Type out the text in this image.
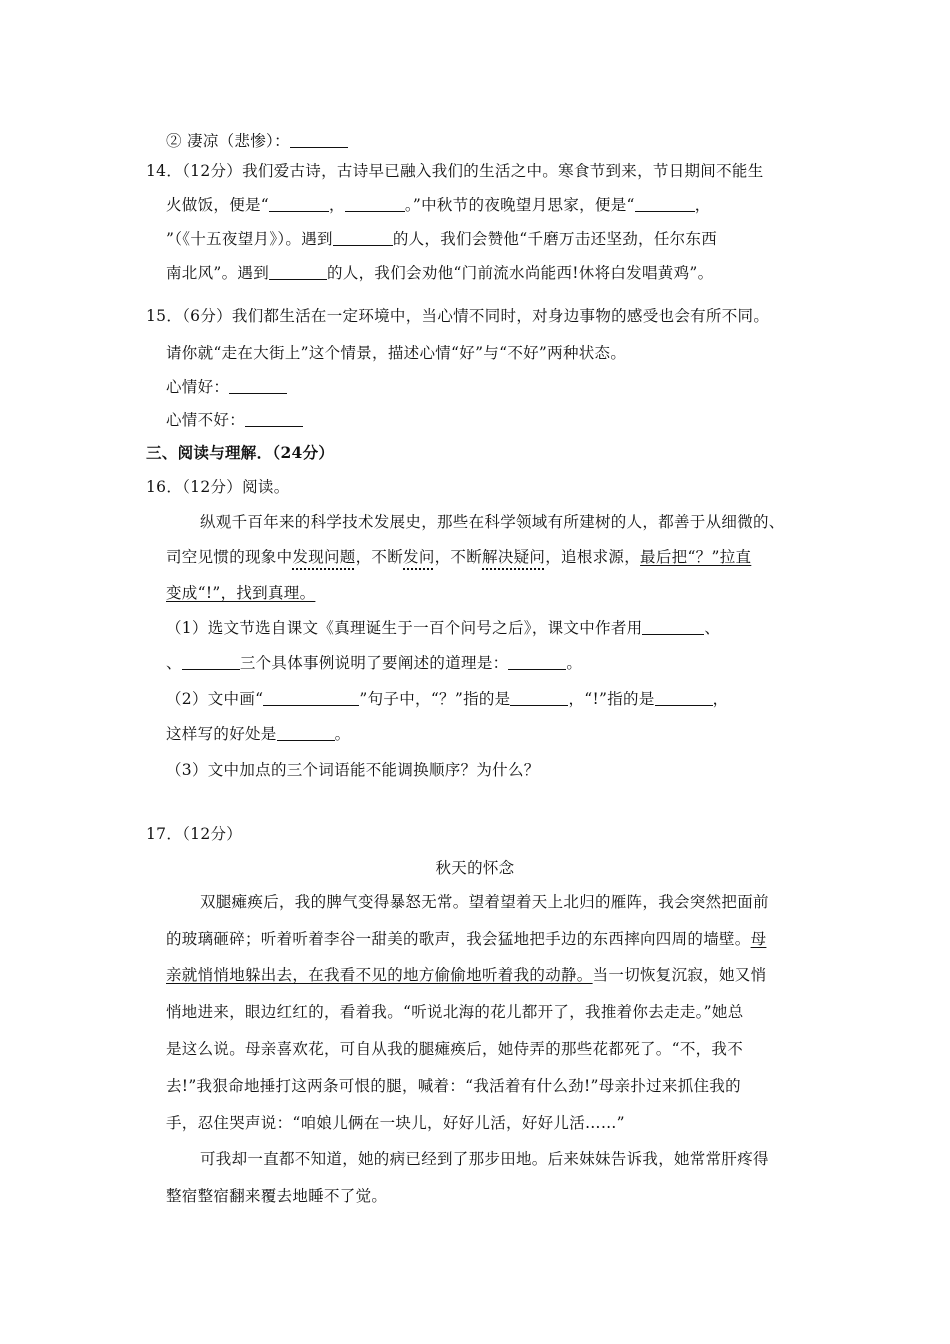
② 凄凉（悲惨）：
14．（12分）我们爱古诗，古诗早已融入我们的生活之中。寒食节到来，节日期间不能生
火做饭，便是“	，	。”中秋节的夜晚望月思家，便是“	，
”（《十五夜望月》）。遇到	的人，我们会赞他“千磨万击还坚劲，任尔东西
南北风”。遇到	的人，我们会劝他“门前流水尚能西!休将白发唱黄鸡”。
15．（6分）我们都生活在一定环境中，当心情不同时，对身边事物的感受也会有所不同。
请你就“走在大街上”这个情景，描述心情“好”与“不好”两种状态。
心情好：
心情不好：
三、阅读与理解．（24分）
16．（12分）阅读。
纵观千百年来的科学技术发展史，那些在科学领域有所建树的人，都善于从细微的、
司空见惯的现象中发现问题，不断发问，不断解决疑问，追根求源，最后把“？”拉直
变成“!”，找到真理。
（1）选文节选自课文《真理诞生于一百个问号之后》，课文中作者用	、
、	三个具体事例说明了要阐述的道理是：	。
（2）文中画“	”句子中，“？”指的是	，“!”指的是	，
这样写的好处是	。
（3）文中加点的三个词语能不能调换顺序？为什么？
17．（12分）
秋天的怀念
双腿瘫痪后，我的脾气变得暴怒无常。望着望着天上北归的雁阵，我会突然把面前
的玻璃砸碎；听着听着李谷一甜美的歌声，我会猛地把手边的东西摔向四周的墙壁。母
亲就悄悄地躲出去，在我看不见的地方偷偷地听着我的动静。当一切恢复沉寂，她又悄
悄地进来，眼边红红的，看着我。“听说北海的花儿都开了，我推着你去走走。”她总
是这么说。母亲喜欢花，可自从我的腿瘫痪后，她侍弄的那些花都死了。“不，我不
去!”我狠命地捶打这两条可恨的腿，喊着：“我活着有什么劲!”母亲扑过来抓住我的
手，忍住哭声说：“咱娘儿俩在一块儿，好好儿活，好好儿活……”
可我却一直都不知道，她的病已经到了那步田地。后来妹妹告诉我，她常常肝疼得
整宿整宿翻来覆去地睡不了觉。
